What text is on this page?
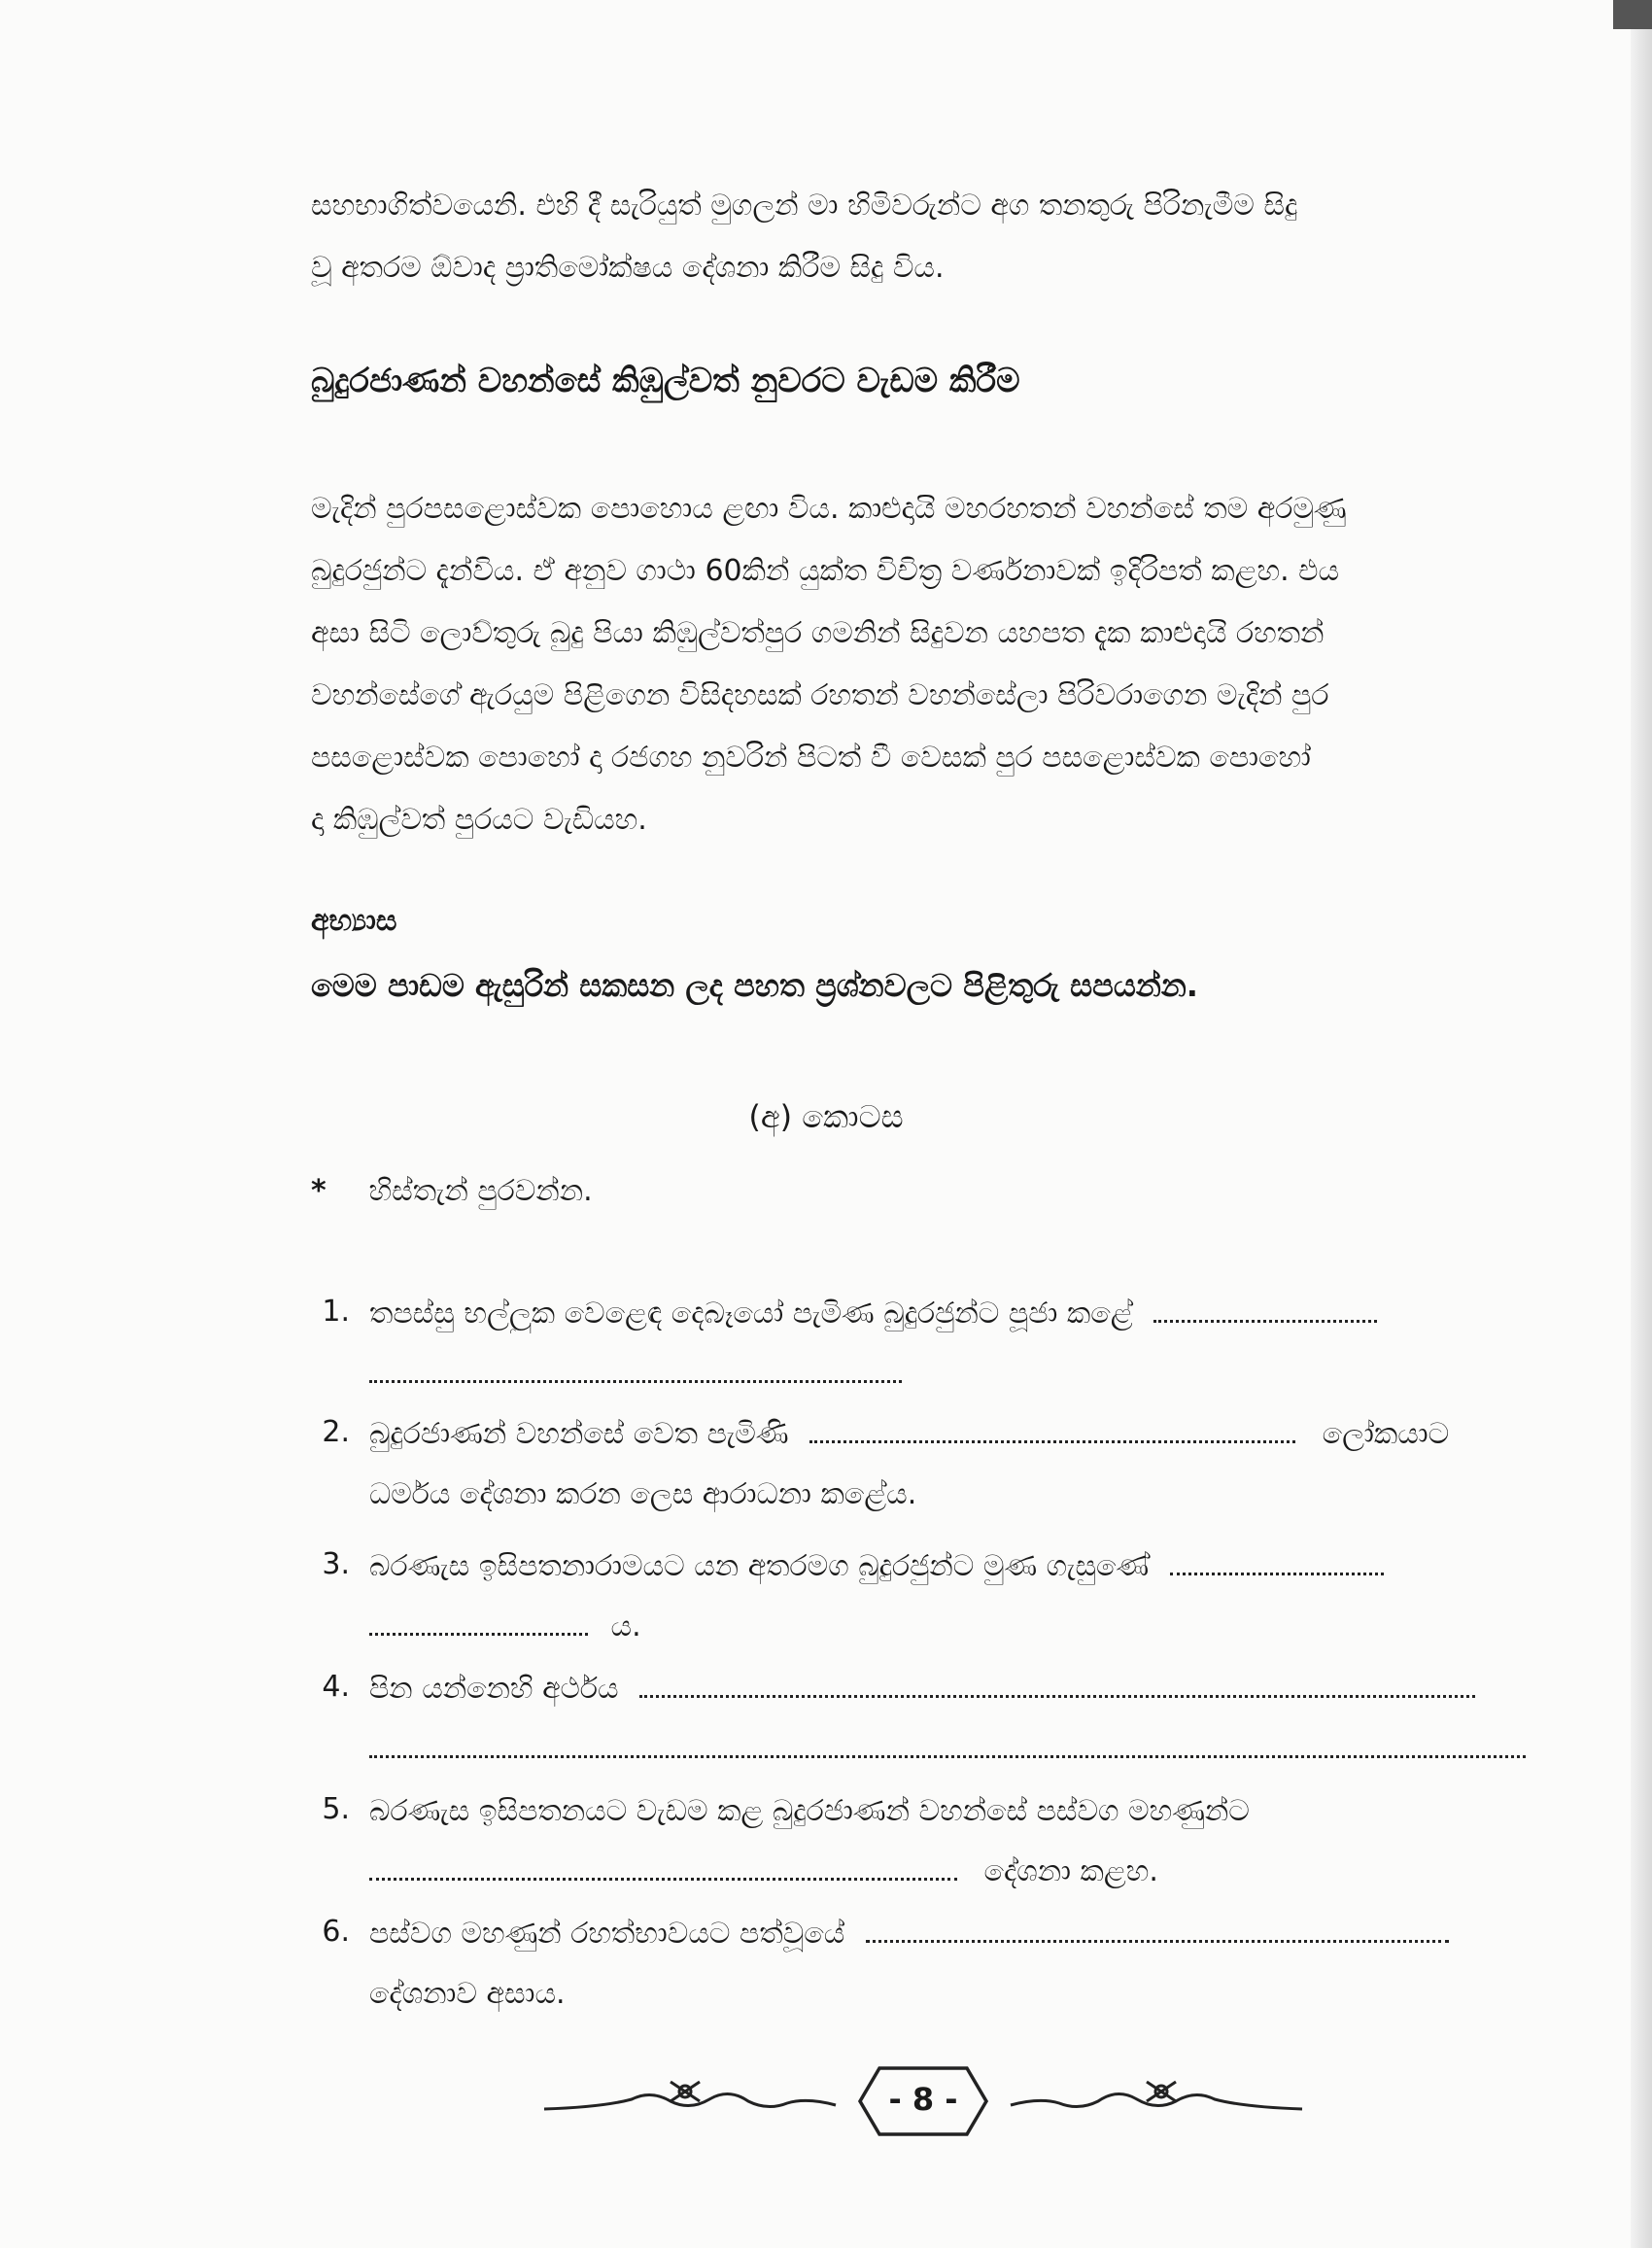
සහභාගිත්වයෙනි. එහි දී සැරියුත් මුගලන් මා හිමිවරුන්ට අග තනතුරු පිරිනැමීම සිදු
වූ අතරම ඕවාද ප්‍රාතිමෝක්ෂය දේශනා කිරීම සිදු විය.
බුදුරජාණන් වහන්සේ කිඹුල්වත් නුවරට වැඩම කිරීම
මැදින් පුරපසළොස්වක පොහොය ළඟා විය. කාළුදායි මහරහතන් වහන්සේ තම අරමුණු
බුදුරජුන්ට දැන්විය. ඒ අනුව ගාථා 60කින් යුක්ත විචිත්‍ර වර්ණනාවක් ඉදිරිපත් කළහ. එය
අසා සිටි ලොව්තුරු බුදු පියා කිඹුල්වත්පුර ගමනින් සිදුවන යහපත දැක කාළුදායි රහතන්
වහන්සේගේ ඇරයුම පිළිගෙන විසිදහසක් රහතන් වහන්සේලා පිරිවරාගෙන මැදින් පුර
පසළොස්වක පොහෝ දා රජගහ නුවරින් පිටත් වී වෙසක් පුර පසළොස්වක පොහෝ
දා කිඹුල්වත් පුරයට වැඩියහ.
අභ්‍යාස
මෙම පාඩම ඇසුරින් සකසන ලද පහත ප්‍රශ්නවලට පිළිතුරු සපයන්න.
(අ) කොටස
* හිස්තැන් පුරවන්න.
1. තපස්සු භල්ලුක වෙළෙඳ දෙබෑයෝ පැමිණ බුදුරජුන්ට පූජා කළේ
2. බුදුරජාණන් වහන්සේ වෙත පැමිණි	ලෝකයාට
ධර්මය දේශනා කරන ලෙස ආරාධනා කළේය.
3. බරණැස ඉසිපතනාරාමයට යන අතරමග බුදුරජුන්ට මුණ ගැසුණේ
ය.
4. පින යන්නෙහි අර්ථය
5. බරණැස ඉසිපතනයට වැඩම කළ බුදුරජාණන් වහන්සේ පස්වග මහණුන්ට
දේශනා කළහ.
6. පස්වග මහණුන් රහත්භාවයට පත්වූයේ
දේශනාව අසාය.
- 8 -
